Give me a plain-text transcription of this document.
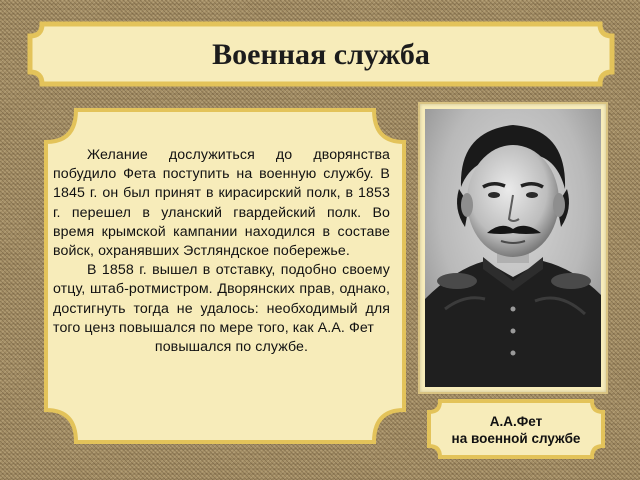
Военная служба

Желание дослужиться до дворянства побудило Фета поступить на военную службу. В 1845 г. он был принят в кирасирский полк, в 1853 г. перешел в уланский гвардейский полк. Во время крымской кампании находился в составе войск, охранявших Эстляндское побережье.

В 1858 г. вышел в отставку, подобно своему отцу, штаб-ротмистром. Дворянских прав, однако, достигнуть тогда не удалось: необходимый для того ценз повышался по мере того, как А.А. Фет

повышался по службе.

А.А.Фет
на военной службе
